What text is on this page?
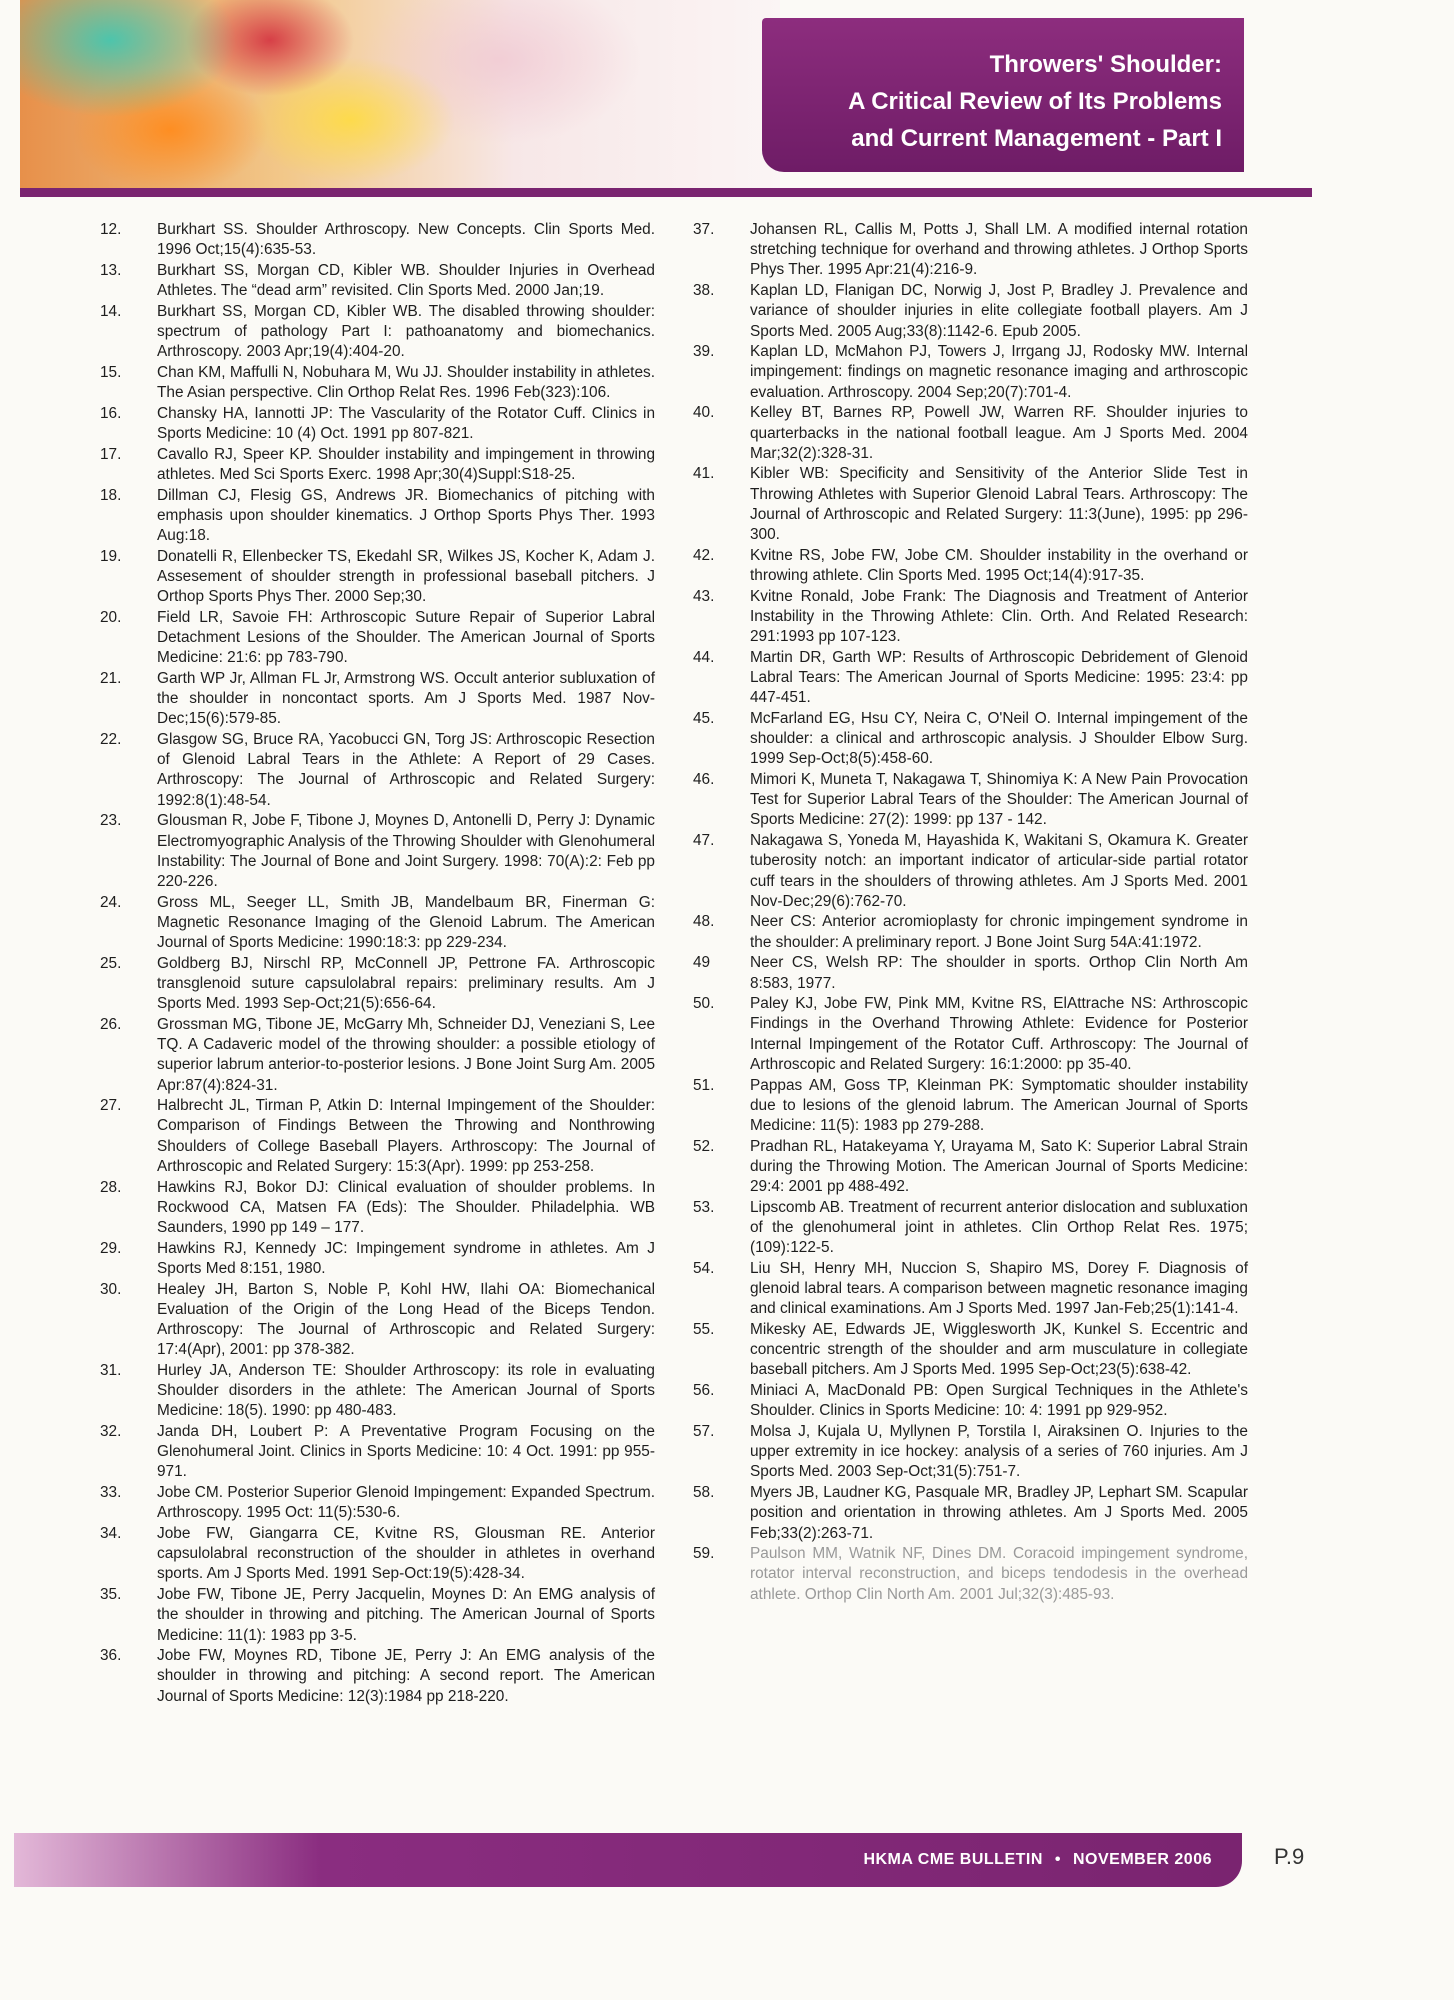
Throwers' Shoulder:
A Critical Review of Its Problems
and Current Management - Part I
12.	Burkhart SS. Shoulder Arthroscopy. New Concepts. Clin Sports Med. 1996 Oct;15(4):635-53.
13.	Burkhart SS, Morgan CD, Kibler WB. Shoulder Injuries in Overhead Athletes. The “dead arm” revisited. Clin Sports Med. 2000 Jan;19.
14.	Burkhart SS, Morgan CD, Kibler WB. The disabled throwing shoulder: spectrum of pathology Part I: pathoanatomy and biomechanics. Arthroscopy. 2003 Apr;19(4):404-20.
15.	Chan KM, Maffulli N, Nobuhara M, Wu JJ. Shoulder instability in athletes. The Asian perspective. Clin Orthop Relat Res. 1996 Feb(323):106.
16.	Chansky HA, Iannotti JP: The Vascularity of the Rotator Cuff. Clinics in Sports Medicine: 10 (4) Oct. 1991 pp 807-821.
17.	Cavallo RJ, Speer KP. Shoulder instability and impingement in throwing athletes. Med Sci Sports Exerc. 1998 Apr;30(4)Suppl:S18-25.
18.	Dillman CJ, Flesig GS, Andrews JR. Biomechanics of pitching with emphasis upon shoulder kinematics. J Orthop Sports Phys Ther. 1993 Aug:18.
19.	Donatelli R, Ellenbecker TS, Ekedahl SR, Wilkes JS, Kocher K, Adam J. Assesement of shoulder strength in professional baseball pitchers. J Orthop Sports Phys Ther. 2000 Sep;30.
20.	Field LR, Savoie FH: Arthroscopic Suture Repair of Superior Labral Detachment Lesions of the Shoulder. The American Journal of Sports Medicine: 21:6: pp 783-790.
21.	Garth WP Jr, Allman FL Jr, Armstrong WS. Occult anterior subluxation of the shoulder in noncontact sports. Am J Sports Med. 1987 Nov-Dec;15(6):579-85.
22.	Glasgow SG, Bruce RA, Yacobucci GN, Torg JS: Arthroscopic Resection of Glenoid Labral Tears in the Athlete: A Report of 29 Cases. Arthroscopy: The Journal of Arthroscopic and Related Surgery: 1992:8(1):48-54.
23.	Glousman R, Jobe F, Tibone J, Moynes D, Antonelli D, Perry J: Dynamic Electromyographic Analysis of the Throwing Shoulder with Glenohumeral Instability: The Journal of Bone and Joint Surgery. 1998: 70(A):2: Feb pp 220-226.
24.	Gross ML, Seeger LL, Smith JB, Mandelbaum BR, Finerman G: Magnetic Resonance Imaging of the Glenoid Labrum. The American Journal of Sports Medicine: 1990:18:3: pp 229-234.
25.	Goldberg BJ, Nirschl RP, McConnell JP, Pettrone FA. Arthroscopic transglenoid suture capsulolabral repairs: preliminary results. Am J Sports Med. 1993 Sep-Oct;21(5):656-64.
26.	Grossman MG, Tibone JE, McGarry Mh, Schneider DJ, Veneziani S, Lee TQ. A Cadaveric model of the throwing shoulder: a possible etiology of superior labrum anterior-to-posterior lesions. J Bone Joint Surg Am. 2005 Apr:87(4):824-31.
27.	Halbrecht JL, Tirman P, Atkin D: Internal Impingement of the Shoulder: Comparison of Findings Between the Throwing and Nonthrowing Shoulders of College Baseball Players. Arthroscopy: The Journal of Arthroscopic and Related Surgery: 15:3(Apr). 1999: pp 253-258.
28.	Hawkins RJ, Bokor DJ: Clinical evaluation of shoulder problems. In Rockwood CA, Matsen FA (Eds): The Shoulder. Philadelphia. WB Saunders, 1990 pp 149 – 177.
29.	Hawkins RJ, Kennedy JC: Impingement syndrome in athletes. Am J Sports Med 8:151, 1980.
30.	Healey JH, Barton S, Noble P, Kohl HW, Ilahi OA: Biomechanical Evaluation of the Origin of the Long Head of the Biceps Tendon. Arthroscopy: The Journal of Arthroscopic and Related Surgery: 17:4(Apr), 2001: pp 378-382.
31.	Hurley JA, Anderson TE: Shoulder Arthroscopy: its role in evaluating Shoulder disorders in the athlete: The American Journal of Sports Medicine: 18(5). 1990: pp 480-483.
32.	Janda DH, Loubert P: A Preventative Program Focusing on the Glenohumeral Joint. Clinics in Sports Medicine: 10: 4 Oct. 1991: pp 955-971.
33.	Jobe CM. Posterior Superior Glenoid Impingement: Expanded Spectrum. Arthroscopy. 1995 Oct: 11(5):530-6.
34.	Jobe FW, Giangarra CE, Kvitne RS, Glousman RE. Anterior capsulolabral reconstruction of the shoulder in athletes in overhand sports. Am J Sports Med. 1991 Sep-Oct:19(5):428-34.
35.	Jobe FW, Tibone JE, Perry Jacquelin, Moynes D: An EMG analysis of the shoulder in throwing and pitching. The American Journal of Sports Medicine: 11(1): 1983 pp 3-5.
36.	Jobe FW, Moynes RD, Tibone JE, Perry J: An EMG analysis of the shoulder in throwing and pitching: A second report. The American Journal of Sports Medicine: 12(3):1984 pp 218-220.
37.	Johansen RL, Callis M, Potts J, Shall LM. A modified internal rotation stretching technique for overhand and throwing athletes. J Orthop Sports Phys Ther. 1995 Apr:21(4):216-9.
38.	Kaplan LD, Flanigan DC, Norwig J, Jost P, Bradley J. Prevalence and variance of shoulder injuries in elite collegiate football players. Am J Sports Med. 2005 Aug;33(8):1142-6. Epub 2005.
39.	Kaplan LD, McMahon PJ, Towers J, Irrgang JJ, Rodosky MW. Internal impingement: findings on magnetic resonance imaging and arthroscopic evaluation. Arthroscopy. 2004 Sep;20(7):701-4.
40.	Kelley BT, Barnes RP, Powell JW, Warren RF. Shoulder injuries to quarterbacks in the national football league. Am J Sports Med. 2004 Mar;32(2):328-31.
41.	Kibler WB: Specificity and Sensitivity of the Anterior Slide Test in Throwing Athletes with Superior Glenoid Labral Tears. Arthroscopy: The Journal of Arthroscopic and Related Surgery: 11:3(June), 1995: pp 296-300.
42.	Kvitne RS, Jobe FW, Jobe CM. Shoulder instability in the overhand or throwing athlete. Clin Sports Med. 1995 Oct;14(4):917-35.
43.	Kvitne Ronald, Jobe Frank: The Diagnosis and Treatment of Anterior Instability in the Throwing Athlete: Clin. Orth. And Related Research: 291:1993 pp 107-123.
44.	Martin DR, Garth WP: Results of Arthroscopic Debridement of Glenoid Labral Tears: The American Journal of Sports Medicine: 1995: 23:4: pp 447-451.
45.	McFarland EG, Hsu CY, Neira C, O'Neil O. Internal impingement of the shoulder: a clinical and arthroscopic analysis. J Shoulder Elbow Surg. 1999 Sep-Oct;8(5):458-60.
46.	Mimori K, Muneta T, Nakagawa T, Shinomiya K: A New Pain Provocation Test for Superior Labral Tears of the Shoulder: The American Journal of Sports Medicine: 27(2): 1999: pp 137 - 142.
47.	Nakagawa S, Yoneda M, Hayashida K, Wakitani S, Okamura K. Greater tuberosity notch: an important indicator of articular-side partial rotator cuff tears in the shoulders of throwing athletes. Am J Sports Med. 2001 Nov-Dec;29(6):762-70.
48.	Neer CS: Anterior acromioplasty for chronic impingement syndrome in the shoulder: A preliminary report. J Bone Joint Surg 54A:41:1972.
49	Neer CS, Welsh RP: The shoulder in sports. Orthop Clin North Am 8:583, 1977.
50.	Paley KJ, Jobe FW, Pink MM, Kvitne RS, ElAttrache NS: Arthroscopic Findings in the Overhand Throwing Athlete: Evidence for Posterior Internal Impingement of the Rotator Cuff. Arthroscopy: The Journal of Arthroscopic and Related Surgery: 16:1:2000: pp 35-40.
51.	Pappas AM, Goss TP, Kleinman PK: Symptomatic shoulder instability due to lesions of the glenoid labrum. The American Journal of Sports Medicine: 11(5): 1983 pp 279-288.
52.	Pradhan RL, Hatakeyama Y, Urayama M, Sato K: Superior Labral Strain during the Throwing Motion. The American Journal of Sports Medicine: 29:4: 2001 pp 488-492.
53.	Lipscomb AB. Treatment of recurrent anterior dislocation and subluxation of the glenohumeral joint in athletes. Clin Orthop Relat Res. 1975;(109):122-5.
54.	Liu SH, Henry MH, Nuccion S, Shapiro MS, Dorey F. Diagnosis of glenoid labral tears. A comparison between magnetic resonance imaging and clinical examinations. Am J Sports Med. 1997 Jan-Feb;25(1):141-4.
55.	Mikesky AE, Edwards JE, Wigglesworth JK, Kunkel S. Eccentric and concentric strength of the shoulder and arm musculature in collegiate baseball pitchers. Am J Sports Med. 1995 Sep-Oct;23(5):638-42.
56.	Miniaci A, MacDonald PB: Open Surgical Techniques in the Athlete's Shoulder. Clinics in Sports Medicine: 10: 4: 1991 pp 929-952.
57.	Molsa J, Kujala U, Myllynen P, Torstila I, Airaksinen O. Injuries to the upper extremity in ice hockey: analysis of a series of 760 injuries. Am J Sports Med. 2003 Sep-Oct;31(5):751-7.
58.	Myers JB, Laudner KG, Pasquale MR, Bradley JP, Lephart SM. Scapular position and orientation in throwing athletes. Am J Sports Med. 2005 Feb;33(2):263-71.
59.	Paulson MM, Watnik NF, Dines DM. Coracoid impingement syndrome, rotator interval reconstruction, and biceps tendodesis in the overhead athlete. Orthop Clin North Am. 2001 Jul;32(3):485-93.
HKMA CME BULLETIN • NOVEMBER 2006	P.9
